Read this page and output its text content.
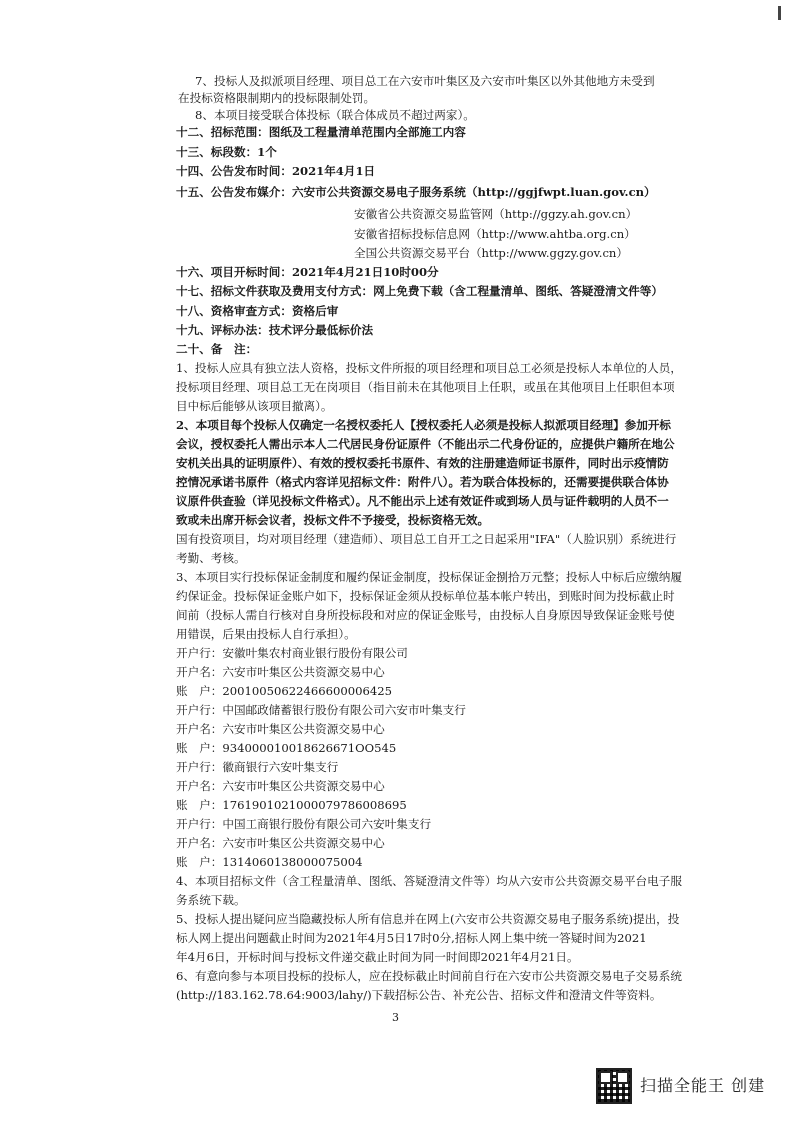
7、投标人及拟派项目经理、项目总工在六安市叶集区及六安市叶集区以外其他地方未受到
在投标资格限制期内的投标限制处罚。
8、本项目接受联合体投标（联合体成员不超过两家）。
十二、招标范围：图纸及工程量清单范围内全部施工内容
十三、标段数：1个
十四、公告发布时间：2021年4月1日
十五、公告发布媒介：六安市公共资源交易电子服务系统（http://ggjfwpt.luan.gov.cn）
安徽省公共资源交易监管网（http://ggzy.ah.gov.cn）
安徽省招标投标信息网（http://www.ahtba.org.cn）
全国公共资源交易平台（http://www.ggzy.gov.cn）
十六、项目开标时间：2021年4月21日10时00分
十七、招标文件获取及费用支付方式：网上免费下载（含工程量清单、图纸、答疑澄清文件等）
十八、资格审查方式：资格后审
十九、评标办法：技术评分最低标价法
二十、备　注：
1、投标人应具有独立法人资格，投标文件所报的项目经理和项目总工必须是投标人本单位的人员，
投标项目经理、项目总工无在岗项目（指目前未在其他项目上任职，或虽在其他项目上任职但本项
目中标后能够从该项目撤离）。
2、本项目每个投标人仅确定一名授权委托人【授权委托人必须是投标人拟派项目经理】参加开标
会议，授权委托人需出示本人二代居民身份证原件（不能出示二代身份证的，应提供户籍所在地公
安机关出具的证明原件）、有效的授权委托书原件、有效的注册建造师证书原件，同时出示疫情防
控情况承诺书原件（格式内容详见招标文件：附件八）。若为联合体投标的，还需要提供联合体协
议原件供查验（详见投标文件格式）。凡不能出示上述有效证件或到场人员与证件载明的人员不一
致或未出席开标会议者，投标文件不予接受，投标资格无效。
国有投资项目，均对项目经理（建造师）、项目总工自开工之日起采用"IFA"（人脸识别）系统进行
考勤、考核。
3、本项目实行投标保证金制度和履约保证金制度，投标保证金捌拾万元整；投标人中标后应缴纳履
约保证金。投标保证金账户如下，投标保证金须从投标单位基本帐户转出，到账时间为投标截止时
间前（投标人需自行核对自身所投标段和对应的保证金账号，由投标人自身原因导致保证金账号使
用错误，后果由投标人自行承担）。
开户行：安徽叶集农村商业银行股份有限公司
开户名：六安市叶集区公共资源交易中心
账　户：20010050622466600006425
开户行：中国邮政储蓄银行股份有限公司六安市叶集支行
开户名：六安市叶集区公共资源交易中心
账　户：934000010018626671OO545
开户行：徽商银行六安叶集支行
开户名：六安市叶集区公共资源交易中心
账　户：1761901021000079786008695
开户行：中国工商银行股份有限公司六安叶集支行
开户名：六安市叶集区公共资源交易中心
账　户：1314060138000075004
4、本项目招标文件（含工程量清单、图纸、答疑澄清文件等）均从六安市公共资源交易平台电子服
务系统下载。
5、投标人提出疑问应当隐藏投标人所有信息并在网上(六安市公共资源交易电子服务系统)提出，投
标人网上提出问题截止时间为2021年4月5日17时0分,招标人网上集中统一答疑时间为2021
年4月6日，开标时间与投标文件递交截止时间为同一时间即2021年4月21日。
6、有意向参与本项目投标的投标人，应在投标截止时间前自行在六安市公共资源交易电子交易系统
(http://183.162.78.64:9003/lahy/)下载招标公告、补充公告、招标文件和澄清文件等资料。
3
扫描全能王 创建
